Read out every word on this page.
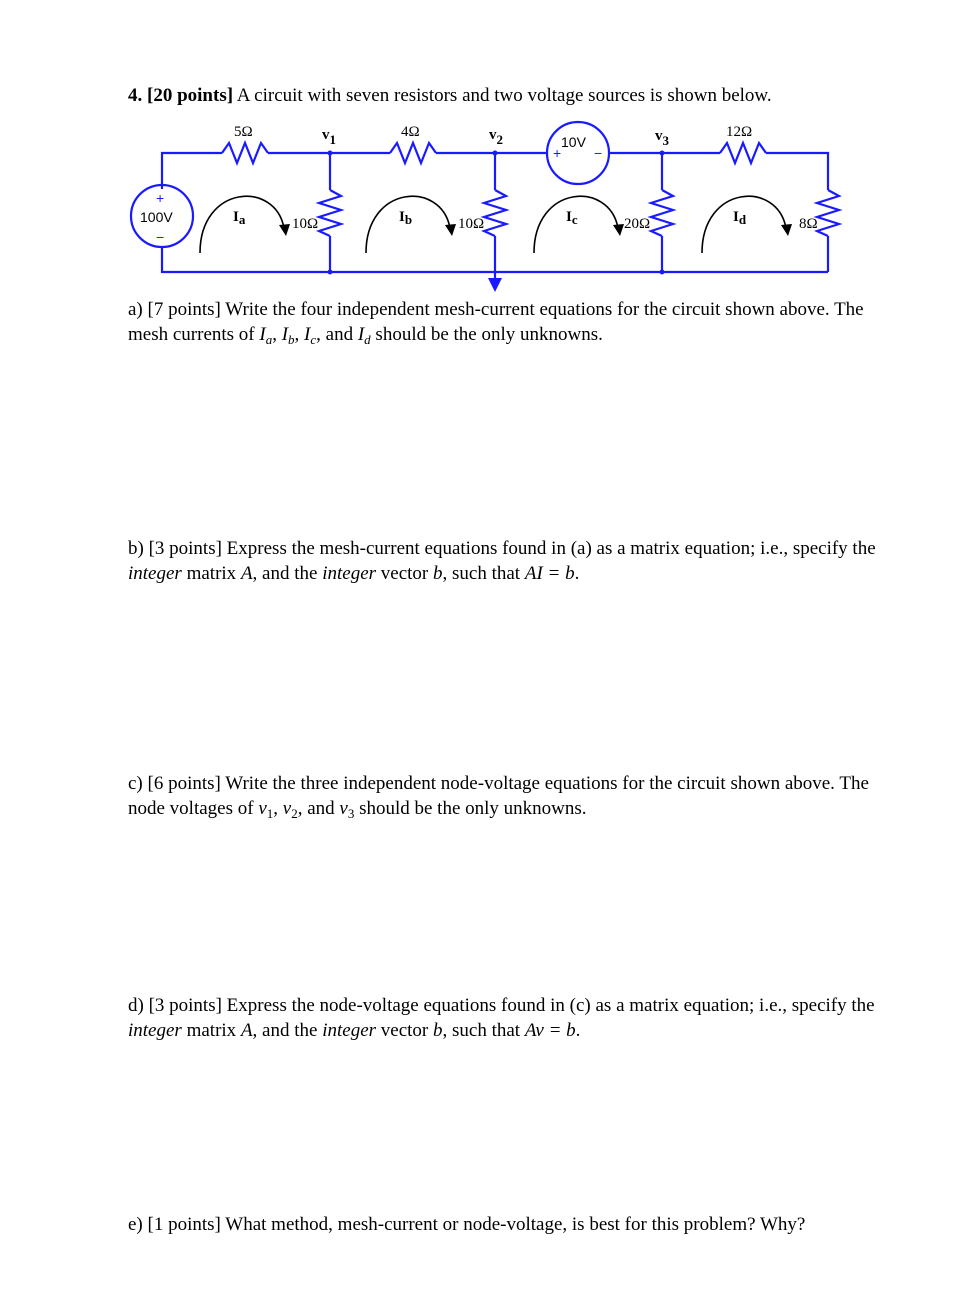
4. [20 points] A circuit with seven resistors and two voltage sources is shown below.

+
100V
−
10V
+ −
5Ω	4Ω	12Ω
v1	v2	v3
10Ω	10Ω	20Ω	8Ω
Ia	Ib	Ic	Id

a) [7 points] Write the four independent mesh-current equations for the circuit shown above. The mesh currents of $I_a$, $I_b$, $I_c$, and $I_d$ should be the only unknowns.

b) [3 points] Express the mesh-current equations found in (a) as a matrix equation; i.e., specify the integer matrix A, and the integer vector b, such that AI = b.

c) [6 points] Write the three independent node-voltage equations for the circuit shown above. The node voltages of $v_1$, $v_2$, and $v_3$ should be the only unknowns.

d) [3 points] Express the node-voltage equations found in (c) as a matrix equation; i.e., specify the integer matrix A, and the integer vector b, such that Av = b.

e) [1 points] What method, mesh-current or node-voltage, is best for this problem? Why?
